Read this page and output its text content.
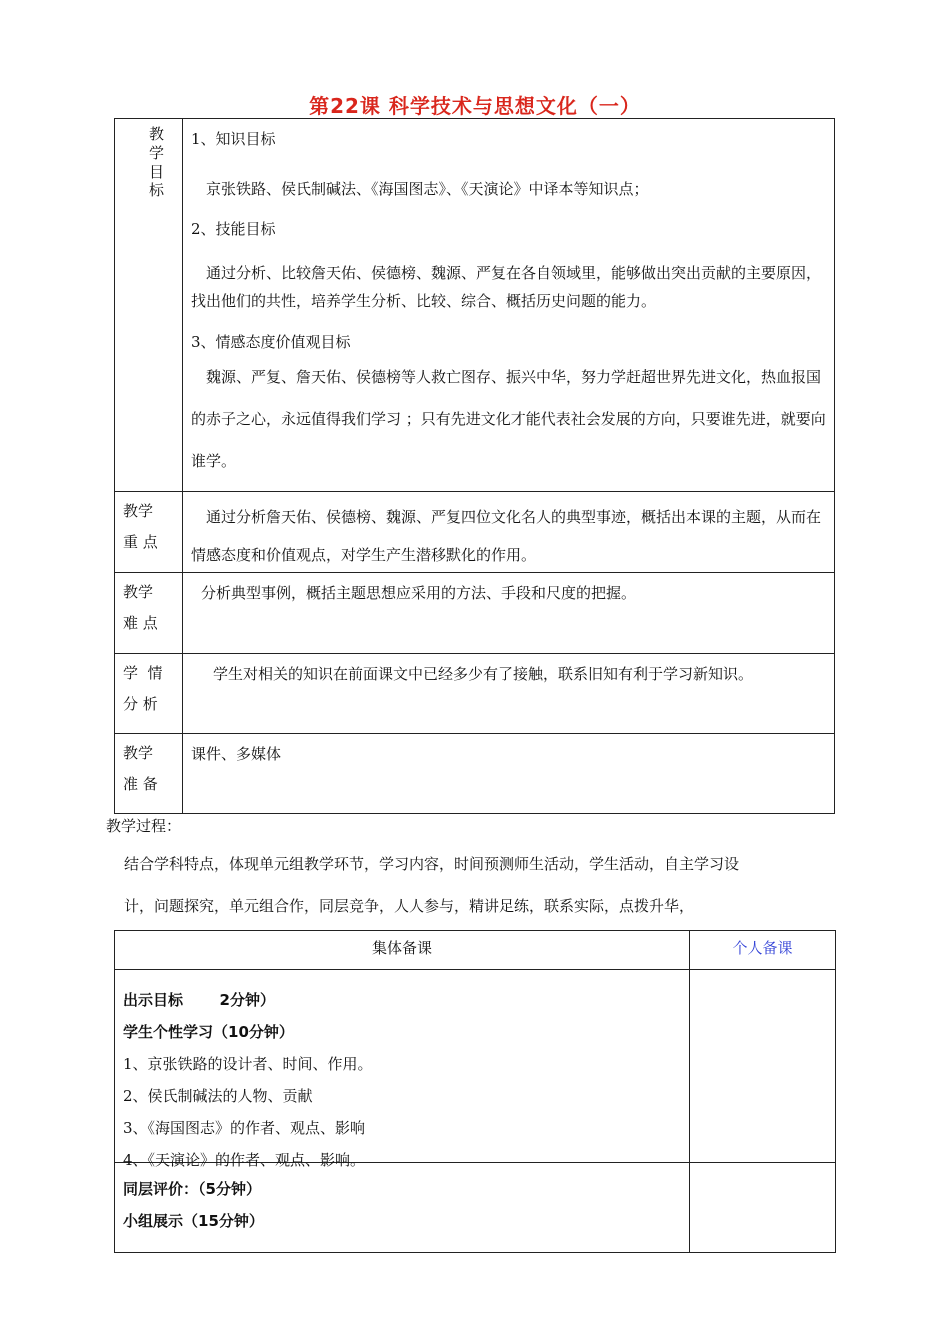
第22课 科学技术与思想文化（一）
教学目标

1、知识目标

京张铁路、侯氏制碱法、《海国图志》、《天演论》中译本等知识点；

2、技能目标

通过分析、比较詹天佑、侯德榜、魏源、严复在各自领域里，能够做出突出贡献的主要原因，找出他们的共性，培养学生分析、比较、综合、概括历史问题的能力。

3、情感态度价值观目标

魏源、严复、詹天佑、侯德榜等人救亡图存、振兴中华，努力学赶超世界先进文化，热血报国的赤子之心，永远值得我们学习 ；只有先进文化才能代表社会发展的方向，只要谁先进，就要向谁学。

教学
重 点
通过分析詹天佑、侯德榜、魏源、严复四位文化名人的典型事迹，概括出本课的主题，从而在情感态度和价值观点，对学生产生潜移默化的作用。
教学
难 点
分析典型事例，概括主题思想应采用的方法、手段和尺度的把握。
学  情
分 析
学生对相关的知识在前面课文中已经多少有了接触，联系旧知有利于学习新知识。
教学
准 备
课件、多媒体
教学过程：
结合学科特点，体现单元组教学环节，学习内容，时间预测师生活动，学生活动，自主学习设
计，问题探究，单元组合作，同层竞争，人人参与，精讲足练，联系实际，点拨升华，
集体备课	个人备课
出示目标       2分钟）
学生个性学习（10分钟）
1、京张铁路的设计者、时间、作用。
2、侯氏制碱法的人物、贡献
3、《海国图志》的作者、观点、影响
4、《天演论》的作者、观点、影响。
同层评价：（5分钟）
小组展示（15分钟）
